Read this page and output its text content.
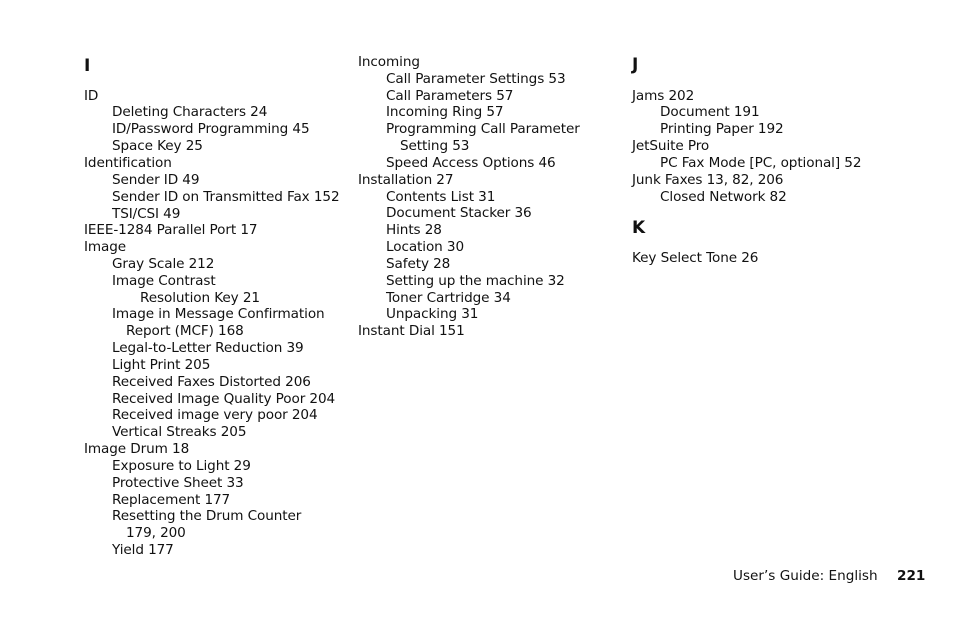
I
ID
Deleting Characters 24
ID/Password Programming 45
Space Key 25
Identification
Sender ID 49
Sender ID on Transmitted Fax 152
TSI/CSI 49
IEEE-1284 Parallel Port 17
Image
Gray Scale 212
Image Contrast
Resolution Key 21
Image in Message Confirmation
Report (MCF) 168
Legal-to-Letter Reduction 39
Light Print 205
Received Faxes Distorted 206
Received Image Quality Poor 204
Received image very poor 204
Vertical Streaks 205
Image Drum 18
Exposure to Light 29
Protective Sheet 33
Replacement 177
Resetting the Drum Counter
179, 200
Yield 177
Incoming
Call Parameter Settings 53
Call Parameters 57
Incoming Ring 57
Programming Call Parameter
Setting 53
Speed Access Options 46
Installation 27
Contents List 31
Document Stacker 36
Hints 28
Location 30
Safety 28
Setting up the machine 32
Toner Cartridge 34
Unpacking 31
Instant Dial 151
J
Jams 202
Document 191
Printing Paper 192
JetSuite Pro
PC Fax Mode [PC, optional] 52
Junk Faxes 13, 82, 206
Closed Network 82
K
Key Select Tone 26
User’s Guide: English 221
